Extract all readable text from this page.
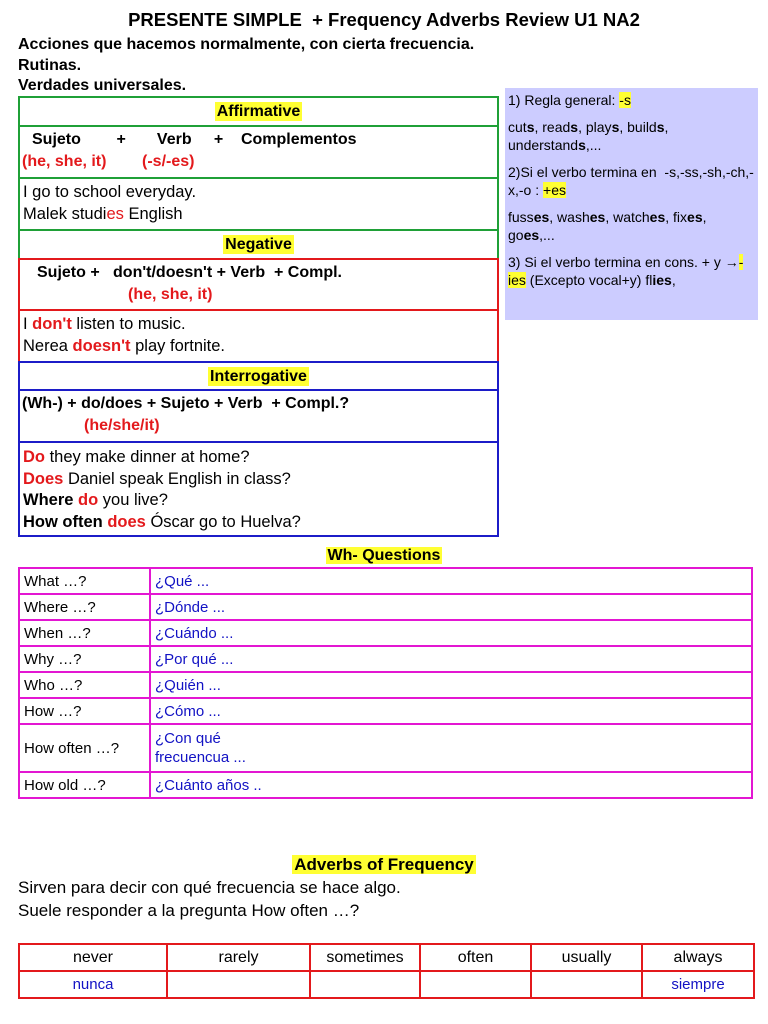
PRESENTE SIMPLE  + Frequency Adverbs Review U1 NA2
Acciones que hacemos normalmente, con cierta frecuencia.
Rutinas.
Verdades universales.
Affirmative
Sujeto        +       Verb     +    Complementos
(he, she, it) (-s/-es)
I go to school everyday.
Malek studies English
Negative
Sujeto +   don't/doesn't + Verb  + Compl.
(he, she, it)
I don't listen to music.
Nerea doesn't play fortnite.
Interrogative
(Wh-) + do/does + Sujeto + Verb  + Compl.?
(he/she/it)
Do they make dinner at home?
Does Daniel speak English in class?
Where do you live?
How often does Óscar go to Huelva?

1) Regla general: -s

cuts, reads, plays, builds, understands,...

2)Si el verbo termina en  -s,-ss,-sh,-ch,-x,-o : +es

fusses, washes, watches, fixes, goes,...

3) Si el verbo termina en cons. + y →-ies (Excepto vocal+y) flies,

Wh- Questions
What …?	¿Qué ...
Where …?	¿Dónde ...
When …?	¿Cuándo ...
Why …?	¿Por qué ...
Who …?	¿Quién ...
How …?	¿Cómo ...
How often …?	¿Con qué
frecuencua ...
How old …?	¿Cuánto años ..
Adverbs of Frequency
Sirven para decir con qué frecuencia se hace algo.
Suele responder a la pregunta How often …?
never	rarely	sometimes	often	usually	always
nunca					siempre
